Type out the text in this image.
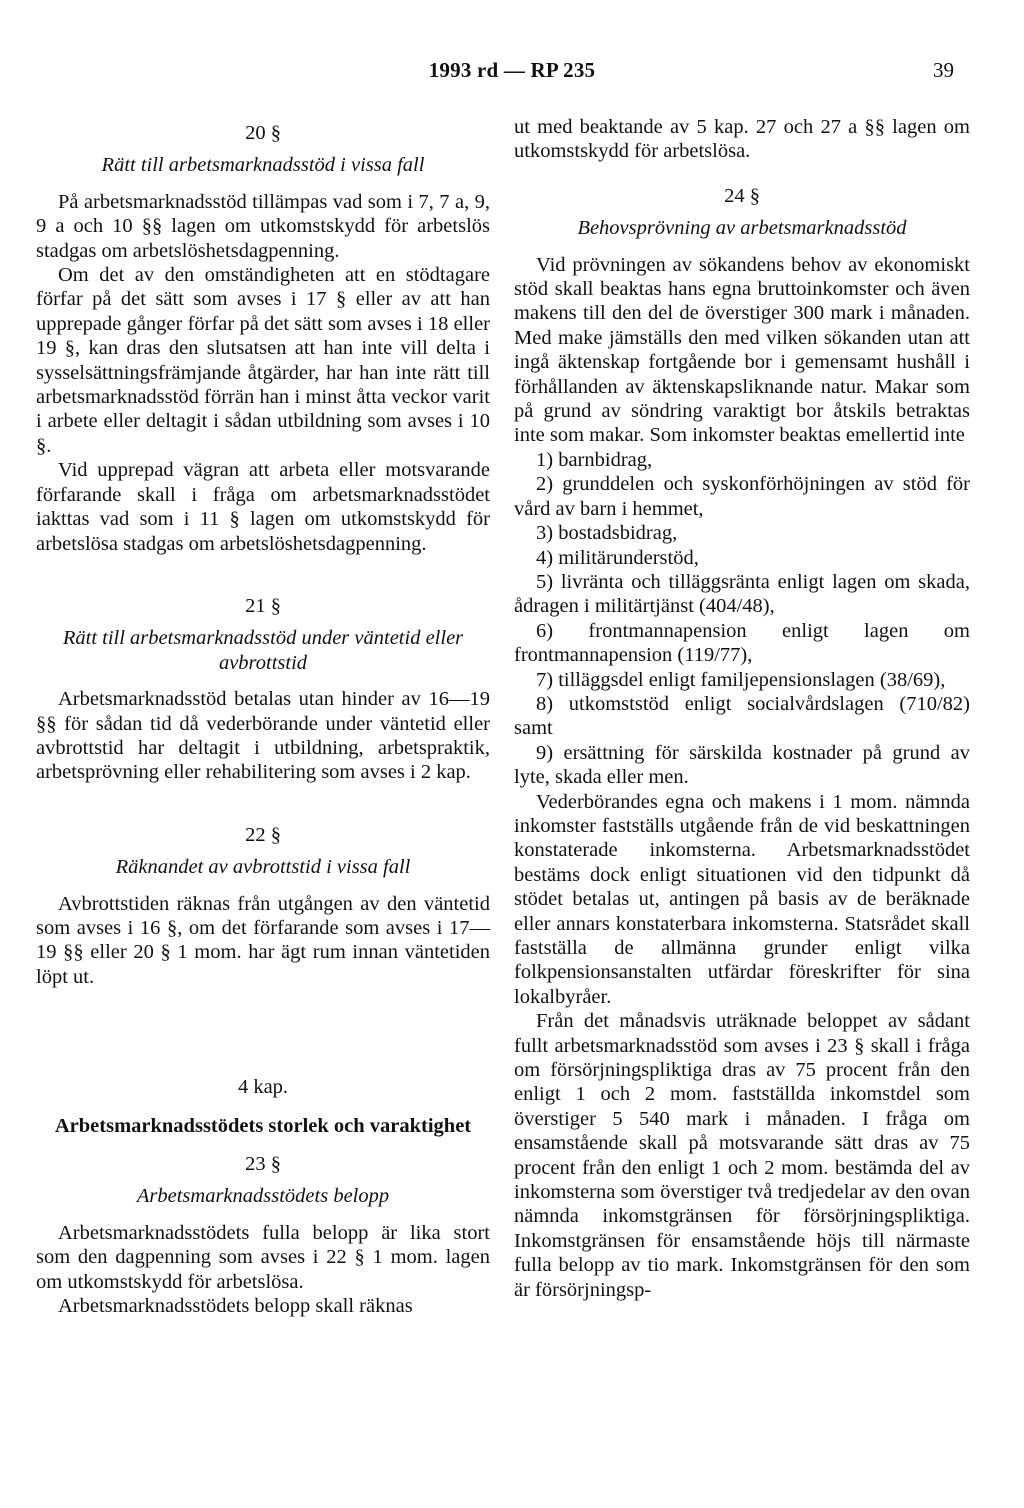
1993 rd — RP 235	39

20 §

Rätt till arbetsmarknadsstöd i vissa fall

På arbetsmarknadsstöd tillämpas vad som i 7, 7 a, 9, 9 a och 10 §§ lagen om utkomstskydd för arbetslös stadgas om arbetslöshetsdagpenning.

Om det av den omständigheten att en stödtagare förfar på det sätt som avses i 17 § eller av att han upprepade gånger förfar på det sätt som avses i 18 eller 19 §, kan dras den slutsatsen att han inte vill delta i sysselsättningsfrämjande åtgärder, har han inte rätt till arbetsmarknadsstöd förrän han i minst åtta veckor varit i arbete eller deltagit i sådan utbildning som avses i 10 §.

Vid upprepad vägran att arbeta eller motsvarande förfarande skall i fråga om arbetsmarknadsstödet iakttas vad som i 11 § lagen om utkomstskydd för arbetslösa stadgas om arbetslöshetsdagpenning.

21 §

Rätt till arbetsmarknadsstöd under väntetid eller avbrottstid

Arbetsmarknadsstöd betalas utan hinder av 16—19 §§ för sådan tid då vederbörande under väntetid eller avbrottstid har deltagit i utbildning, arbetspraktik, arbetsprövning eller rehabilitering som avses i 2 kap.

22 §

Räknandet av avbrottstid i vissa fall

Avbrottstiden räknas från utgången av den väntetid som avses i 16 §, om det förfarande som avses i 17—19 §§ eller 20 § 1 mom. har ägt rum innan väntetiden löpt ut.

4 kap.

Arbetsmarknadsstödets storlek och varaktighet

23 §

Arbetsmarknadsstödets belopp

Arbetsmarknadsstödets fulla belopp är lika stort som den dagpenning som avses i 22 § 1 mom. lagen om utkomstskydd för arbetslösa.

Arbetsmarknadsstödets belopp skall räknas

ut med beaktande av 5 kap. 27 och 27 a §§ lagen om utkomstskydd för arbetslösa.

24 §

Behovsprövning av arbetsmarknadsstöd

Vid prövningen av sökandens behov av ekonomiskt stöd skall beaktas hans egna bruttoinkomster och även makens till den del de överstiger 300 mark i månaden. Med make jämställs den med vilken sökanden utan att ingå äktenskap fortgående bor i gemensamt hushåll i förhållanden av äktenskapsliknande natur. Makar som på grund av söndring varaktigt bor åtskils betraktas inte som makar. Som inkomster beaktas emellertid inte

1) barnbidrag,

2) grunddelen och syskonförhöjningen av stöd för vård av barn i hemmet,

3) bostadsbidrag,

4) militärunderstöd,

5) livränta och tilläggsränta enligt lagen om skada, ådragen i militärtjänst (404/48),

6) frontmannapension enligt lagen om frontmannapension (119/77),

7) tilläggsdel enligt familjepensionslagen (38/69),

8) utkomststöd enligt socialvårdslagen (710/82) samt

9) ersättning för särskilda kostnader på grund av lyte, skada eller men.

Vederbörandes egna och makens i 1 mom. nämnda inkomster fastställs utgående från de vid beskattningen konstaterade inkomsterna. Arbetsmarknadsstödet bestäms dock enligt situationen vid den tidpunkt då stödet betalas ut, antingen på basis av de beräknade eller annars konstaterbara inkomsterna. Statsrådet skall fastställa de allmänna grunder enligt vilka folkpensionsanstalten utfärdar föreskrifter för sina lokalbyråer.

Från det månadsvis uträknade beloppet av sådant fullt arbetsmarknadsstöd som avses i 23 § skall i fråga om försörjningspliktiga dras av 75 procent från den enligt 1 och 2 mom. fastställda inkomstdel som överstiger 5 540 mark i månaden. I fråga om ensamstående skall på motsvarande sätt dras av 75 procent från den enligt 1 och 2 mom. bestämda del av inkomsterna som överstiger två tredjedelar av den ovan nämnda inkomstgränsen för försörjningspliktiga. Inkomstgränsen för ensamstående höjs till närmaste fulla belopp av tio mark. Inkomstgränsen för den som är försörjningsp-
